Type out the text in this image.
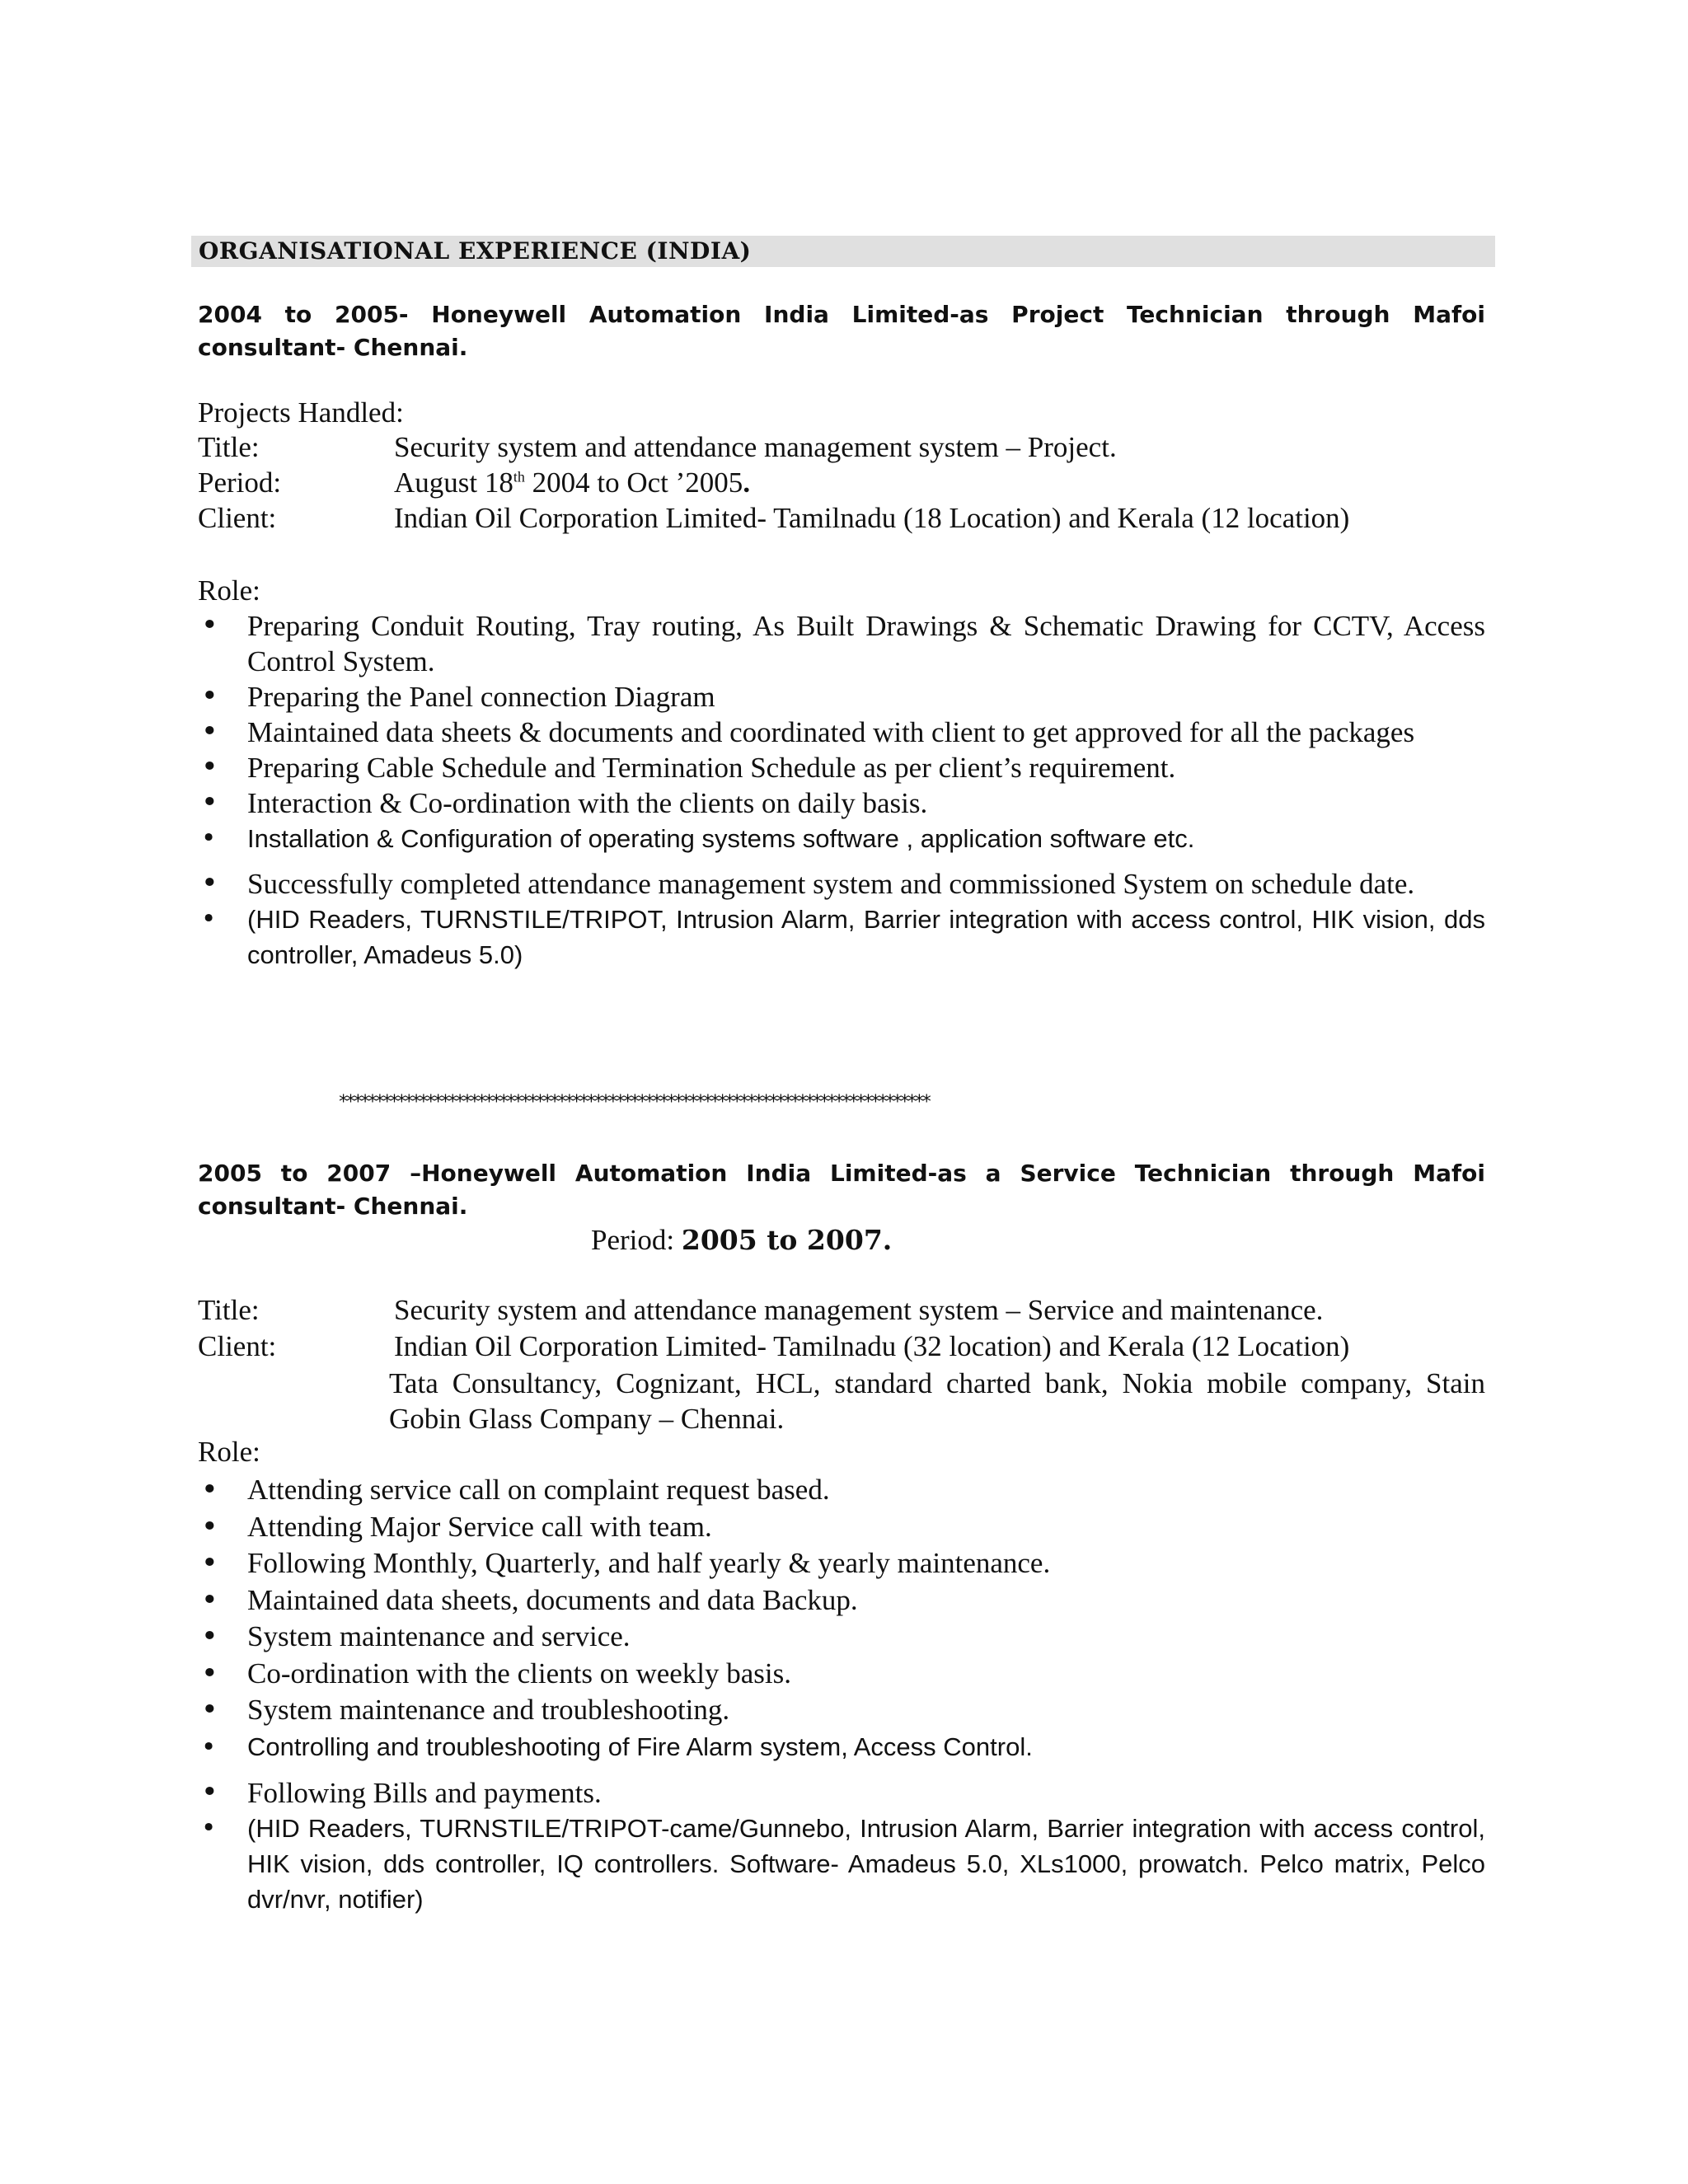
ORGANISATIONAL EXPERIENCE (INDIA)
2004 to 2005- Honeywell Automation India Limited-as Project Technician through Mafoi consultant- Chennai.
Projects Handled:
Title:	Security system and attendance management system – Project.
Period:	August 18th 2004 to Oct ’2005.
Client:	Indian Oil Corporation Limited- Tamilnadu (18 Location) and Kerala (12 location)
Role:
• Preparing Conduit Routing, Tray routing, As Built Drawings & Schematic Drawing for CCTV, Access Control System.
• Preparing the Panel connection Diagram
• Maintained data sheets & documents and coordinated with client to get approved for all the packages
• Preparing Cable Schedule and Termination Schedule as per client’s requirement.
• Interaction & Co-ordination with the clients on daily basis.
• Installation & Configuration of operating systems software , application software etc.
• Successfully completed attendance management system and commissioned System on schedule date.
• (HID Readers, TURNSTILE/TRIPOT, Intrusion Alarm, Barrier integration with access control, HIK vision, dds controller, Amadeus 5.0)
*********************************************************************************
2005 to 2007 –Honeywell Automation India Limited-as a Service Technician through Mafoi consultant- Chennai.
Period: 2005 to 2007.
Title:	Security system and attendance management system – Service and maintenance.
Client:	Indian Oil Corporation Limited- Tamilnadu (32 location) and Kerala (12 Location)
Tata Consultancy, Cognizant, HCL, standard charted bank, Nokia mobile company, Stain Gobin Glass Company – Chennai.
Role:
• Attending service call on complaint request based.
• Attending Major Service call with team.
• Following Monthly, Quarterly, and half yearly & yearly maintenance.
• Maintained data sheets, documents and data Backup.
• System maintenance and service.
• Co-ordination with the clients on weekly basis.
• System maintenance and troubleshooting.
• Controlling and troubleshooting of Fire Alarm system, Access Control.
• Following Bills and payments.
• (HID Readers, TURNSTILE/TRIPOT-came/Gunnebo, Intrusion Alarm, Barrier integration with access control, HIK vision, dds controller, IQ controllers. Software- Amadeus 5.0, XLs1000, prowatch. Pelco matrix, Pelco dvr/nvr, notifier)
